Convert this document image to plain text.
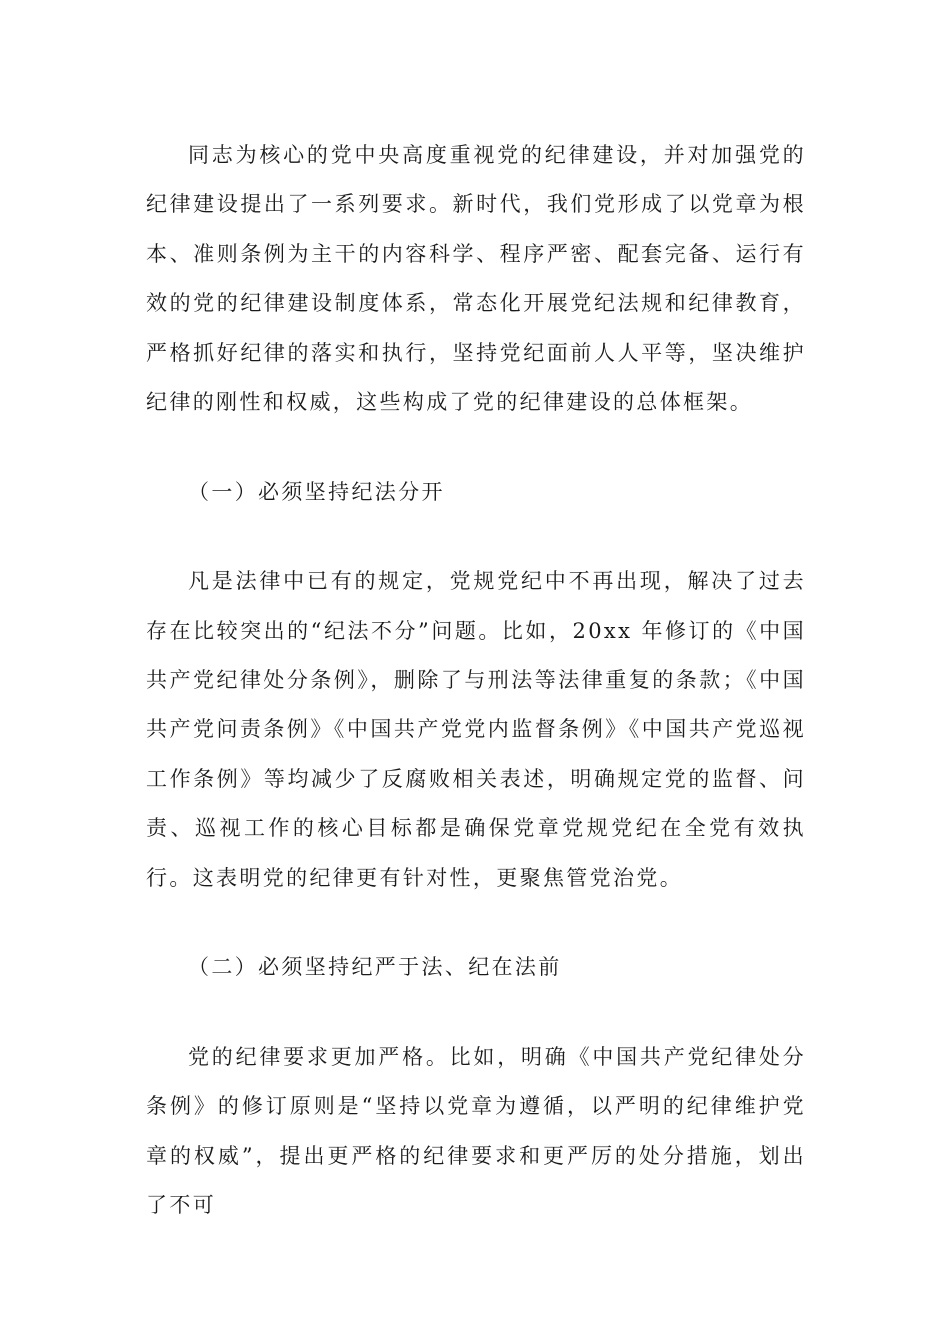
同志为核心的党中央高度重视党的纪律建设，并对加强党的纪律建设提出了一系列要求。新时代，我们党形成了以党章为根本、准则条例为主干的内容科学、程序严密、配套完备、运行有效的党的纪律建设制度体系，常态化开展党纪法规和纪律教育，严格抓好纪律的落实和执行，坚持党纪面前人人平等，坚决维护纪律的刚性和权威，这些构成了党的纪律建设的总体框架。

（一）必须坚持纪法分开

凡是法律中已有的规定，党规党纪中不再出现，解决了过去存在比较突出的“纪法不分”问题。比如，20xx 年修订的《中国共产党纪律处分条例》，删除了与刑法等法律重复的条款；《中国共产党问责条例》《中国共产党党内监督条例》《中国共产党巡视工作条例》等均减少了反腐败相关表述，明确规定党的监督、问责、巡视工作的核心目标都是确保党章党规党纪在全党有效执行。这表明党的纪律更有针对性，更聚焦管党治党。

（二）必须坚持纪严于法、纪在法前

党的纪律要求更加严格。比如，明确《中国共产党纪律处分条例》的修订原则是“坚持以党章为遵循，以严明的纪律维护党章的权威”，提出更严格的纪律要求和更严厉的处分措施，划出了不可
